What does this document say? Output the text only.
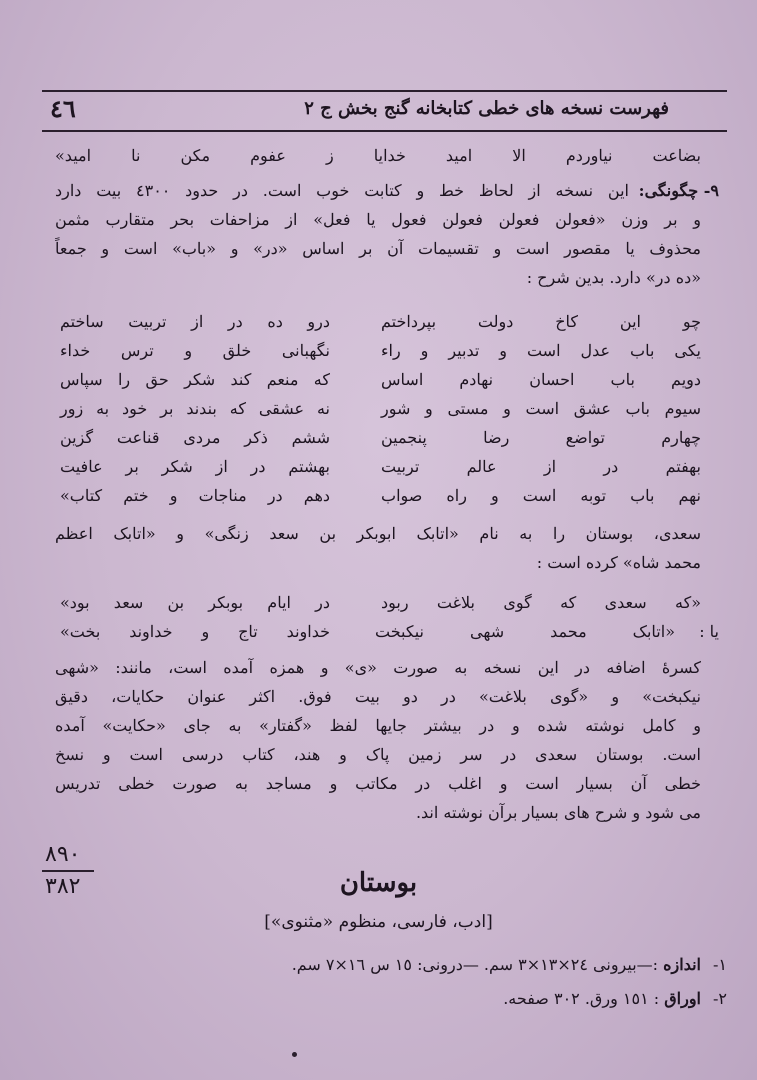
٤٦	فهرست نسخه های خطی کتابخانه گنج بخش ج ٢
بضاعت نیاوردم الا امید خدایا ز عفوم مکن نا امید»
٩- چگونگی:
این نسخه از لحاظ خط و کتابت خوب است. در حدود ٤٣٠٠ بیت دارد
و بر وزن «فعولن فعولن فعولن فعول یا فعل» از مزاحفات بحر متقارب مثمن
محذوف یا مقصور است و تقسیمات آن بر اساس «در» و «باب» است و جمعاً
«ده در» دارد. بدین شرح :
چو این کاخ دولت بپرداختم
درو ده در از تربیت ساختم
یکی باب عدل است و تدبیر و راء
نگهبانی خلق و ترس خداء
دویم باب احسان نهادم اساس
که منعم کند شکر حق را سپاس
سیوم باب عشق است و مستی و شور
نه عشقی که بندند بر خود به زور
چهارم تواضع رضا پنجمین
ششم ذکر مردی قناعت گزین
بهفتم در از عالم تربیت
بهشتم در از شکر بر عافیت
نهم باب توبه است و راه صواب
دهم در مناجات و ختم کتاب»
سعدی، بوستان را به نام «اتابک ابوبکر بن سعد زنگی» و «اتابک اعظم
محمد شاه» کرده است :
«که سعدی که گوی بلاغت ربود
در ایام بوبکر بن سعد بود»
یا :
«اتابک محمد شهی نیکبخت
خداوند تاج و خداوند بخت»
کسرهٔ اضافه در این نسخه به صورت «ی» و همزه آمده است، مانند: «شهی
نیکبخت» و «گوی بلاغت» در دو بیت فوق. اکثر عنوان حکایات، دقیق
و کامل نوشته شده و در بیشتر جایها لفظ «گفتار» به جای «حکایت» آمده
است. بوستان سعدی در سر زمین پاک و هند، کتاب درسی است و نسخ
خطی آن بسیار است و اغلب در مکاتب و مساجد به صورت خطی تدریس
می شود و شرح های بسیار برآن نوشته اند.
٨٩٠
٣٨٢	بوستان
[ادب، فارسی، منظوم «مثنوی»]
١-
اندازه :—بیرونی ٢٤×١٣×٣ سم. —درونی: ١٥ س ١٦×٧ سم.
٢-
اوراق : ١٥١ ورق. ٣٠٢ صفحه.
